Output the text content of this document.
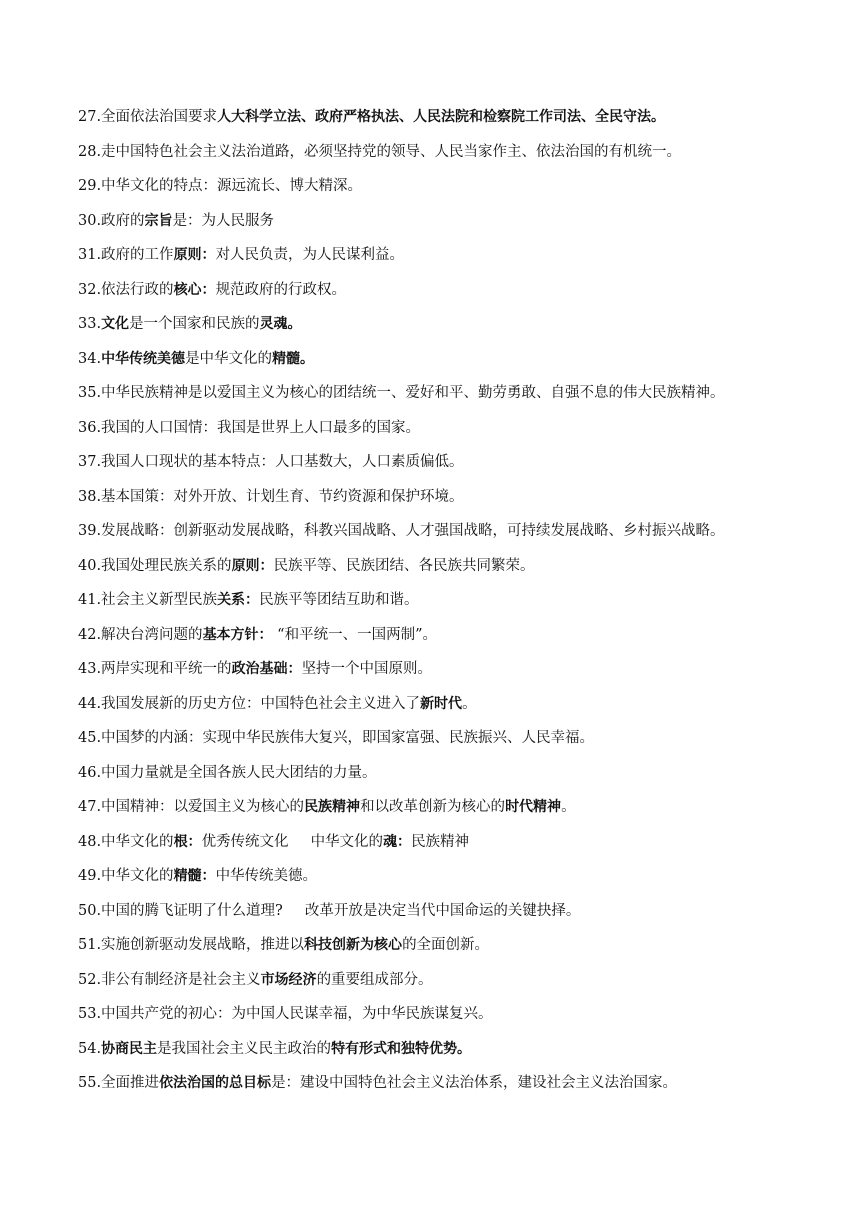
27.全面依法治国要求人大科学立法、政府严格执法、人民法院和检察院工作司法、全民守法。
28.走中国特色社会主义法治道路，必须坚持党的领导、人民当家作主、依法治国的有机统一。
29.中华文化的特点：源远流长、博大精深。
30.政府的宗旨是：为人民服务
31.政府的工作原则：对人民负责，为人民谋利益。
32.依法行政的核心：规范政府的行政权。
33.文化是一个国家和民族的灵魂。
34.中华传统美德是中华文化的精髓。
35.中华民族精神是以爱国主义为核心的团结统一、爱好和平、勤劳勇敢、自强不息的伟大民族精神。
36.我国的人口国情：我国是世界上人口最多的国家。
37.我国人口现状的基本特点：人口基数大，人口素质偏低。
38.基本国策：对外开放、计划生育、节约资源和保护环境。
39.发展战略：创新驱动发展战略，科教兴国战略、人才强国战略，可持续发展战略、乡村振兴战略。
40.我国处理民族关系的原则：民族平等、民族团结、各民族共同繁荣。
41.社会主义新型民族关系：民族平等团结互助和谐。
42.解决台湾问题的基本方针： “和平统一、一国两制”。
43.两岸实现和平统一的政治基础：坚持一个中国原则。
44.我国发展新的历史方位：中国特色社会主义进入了新时代。
45.中国梦的内涵：实现中华民族伟大复兴，即国家富强、民族振兴、人民幸福。
46.中国力量就是全国各族人民大团结的力量。
47.中国精神：以爱国主义为核心的民族精神和以改革创新为核心的时代精神。
48.中华文化的根：优秀传统文化 中华文化的魂：民族精神
49.中华文化的精髓：中华传统美德。
50.中国的腾飞证明了什么道理? 改革开放是决定当代中国命运的关键抉择。
51.实施创新驱动发展战略，推进以科技创新为核心的全面创新。
52.非公有制经济是社会主义市场经济的重要组成部分。
53.中国共产党的初心：为中国人民谋幸福，为中华民族谋复兴。
54.协商民主是我国社会主义民主政治的特有形式和独特优势。
55.全面推进依法治国的总目标是：建设中国特色社会主义法治体系，建设社会主义法治国家。
